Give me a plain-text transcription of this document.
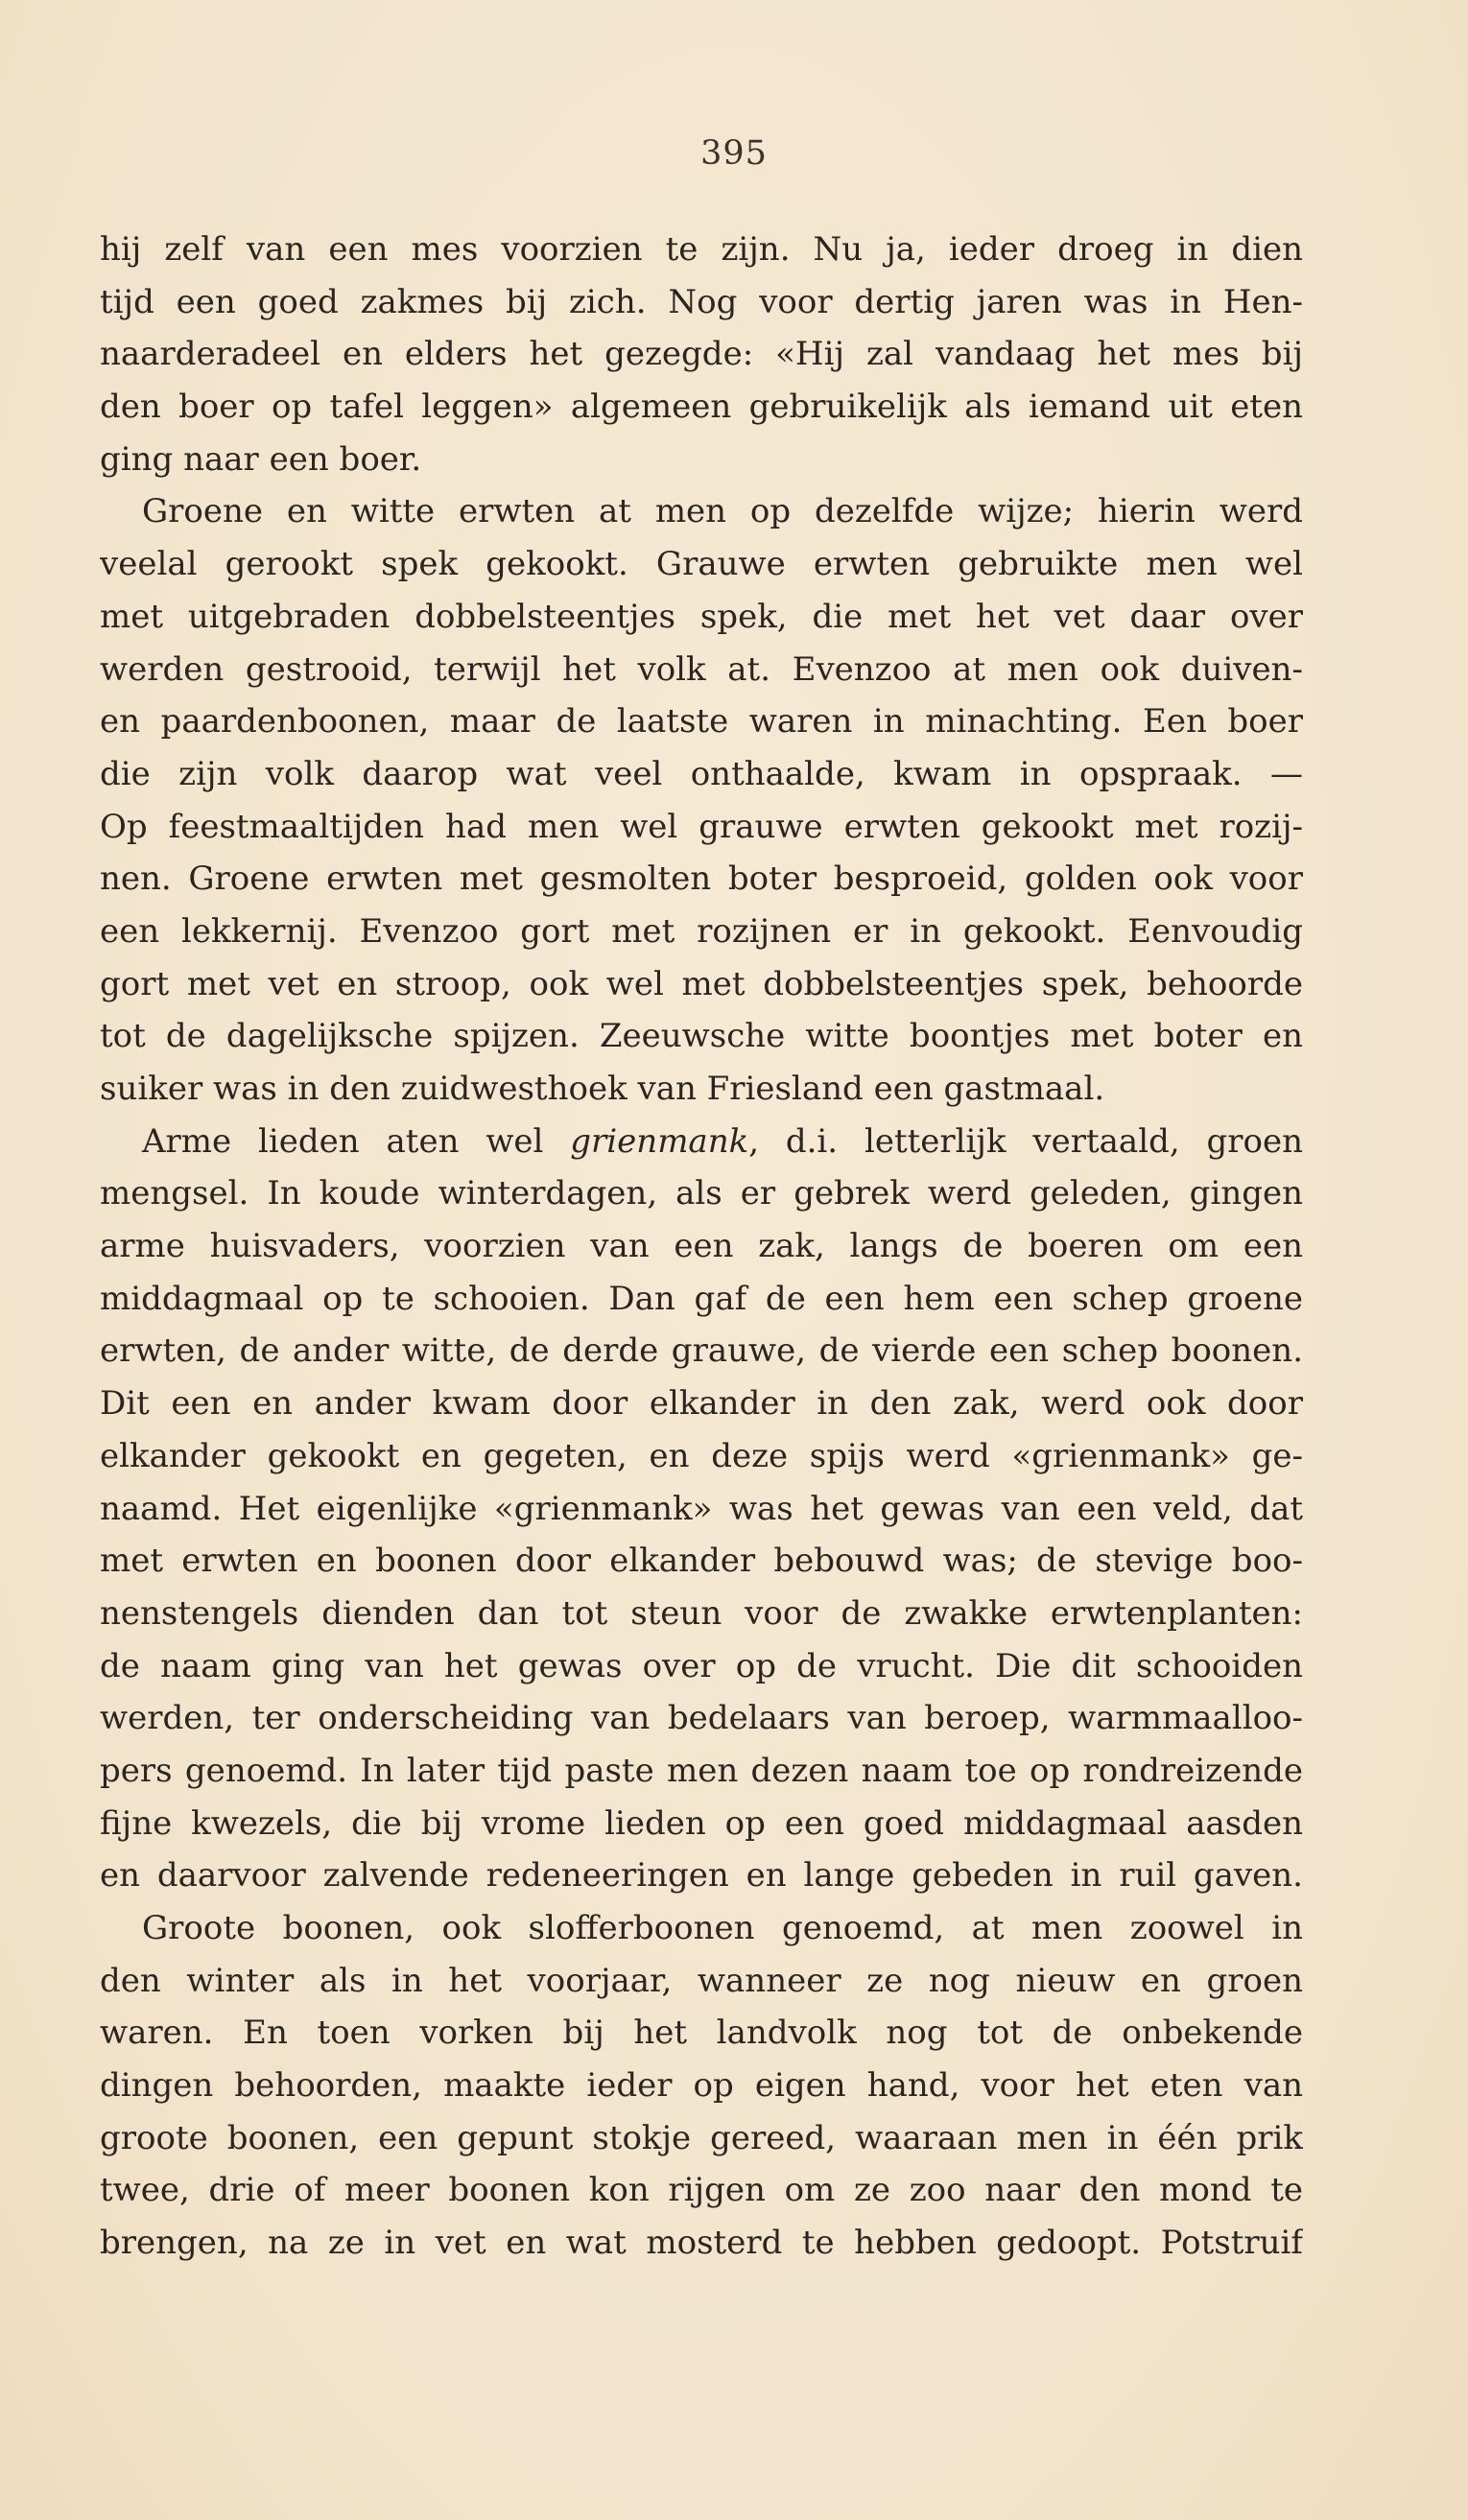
395
hij zelf van een mes voorzien te zijn. Nu ja, ieder droeg in dien
tijd een goed zakmes bij zich. Nog voor dertig jaren was in Hen-
naarderadeel en elders het gezegde: «Hij zal vandaag het mes bij
den boer op tafel leggen» algemeen gebruikelijk als iemand uit eten
ging naar een boer.
Groene en witte erwten at men op dezelfde wijze; hierin werd
veelal gerookt spek gekookt. Grauwe erwten gebruikte men wel
met uitgebraden dobbelsteentjes spek, die met het vet daar over
werden gestrooid, terwijl het volk at. Evenzoo at men ook duiven-
en paardenboonen, maar de laatste waren in minachting. Een boer
die zijn volk daarop wat veel onthaalde, kwam in opspraak. —
Op feestmaaltijden had men wel grauwe erwten gekookt met rozij-
nen. Groene erwten met gesmolten boter besproeid, golden ook voor
een lekkernij. Evenzoo gort met rozijnen er in gekookt. Eenvoudig
gort met vet en stroop, ook wel met dobbelsteentjes spek, behoorde
tot de dagelijksche spijzen. Zeeuwsche witte boontjes met boter en
suiker was in den zuidwesthoek van Friesland een gastmaal.
Arme lieden aten wel grienmank, d.i. letterlijk vertaald, groen
mengsel. In koude winterdagen, als er gebrek werd geleden, gingen
arme huisvaders, voorzien van een zak, langs de boeren om een
middagmaal op te schooien. Dan gaf de een hem een schep groene
erwten, de ander witte, de derde grauwe, de vierde een schep boonen.
Dit een en ander kwam door elkander in den zak, werd ook door
elkander gekookt en gegeten, en deze spijs werd «grienmank» ge-
naamd. Het eigenlijke «grienmank» was het gewas van een veld, dat
met erwten en boonen door elkander bebouwd was; de stevige boo-
nenstengels dienden dan tot steun voor de zwakke erwtenplanten:
de naam ging van het gewas over op de vrucht. Die dit schooiden
werden, ter onderscheiding van bedelaars van beroep, warmmaalloo-
pers genoemd. In later tijd paste men dezen naam toe op rondreizende
fijne kwezels, die bij vrome lieden op een goed middagmaal aasden
en daarvoor zalvende redeneeringen en lange gebeden in ruil gaven.
Groote boonen, ook slofferboonen genoemd, at men zoowel in
den winter als in het voorjaar, wanneer ze nog nieuw en groen
waren. En toen vorken bij het landvolk nog tot de onbekende
dingen behoorden, maakte ieder op eigen hand, voor het eten van
groote boonen, een gepunt stokje gereed, waaraan men in één prik
twee, drie of meer boonen kon rijgen om ze zoo naar den mond te
brengen, na ze in vet en wat mosterd te hebben gedoopt. Potstruif
